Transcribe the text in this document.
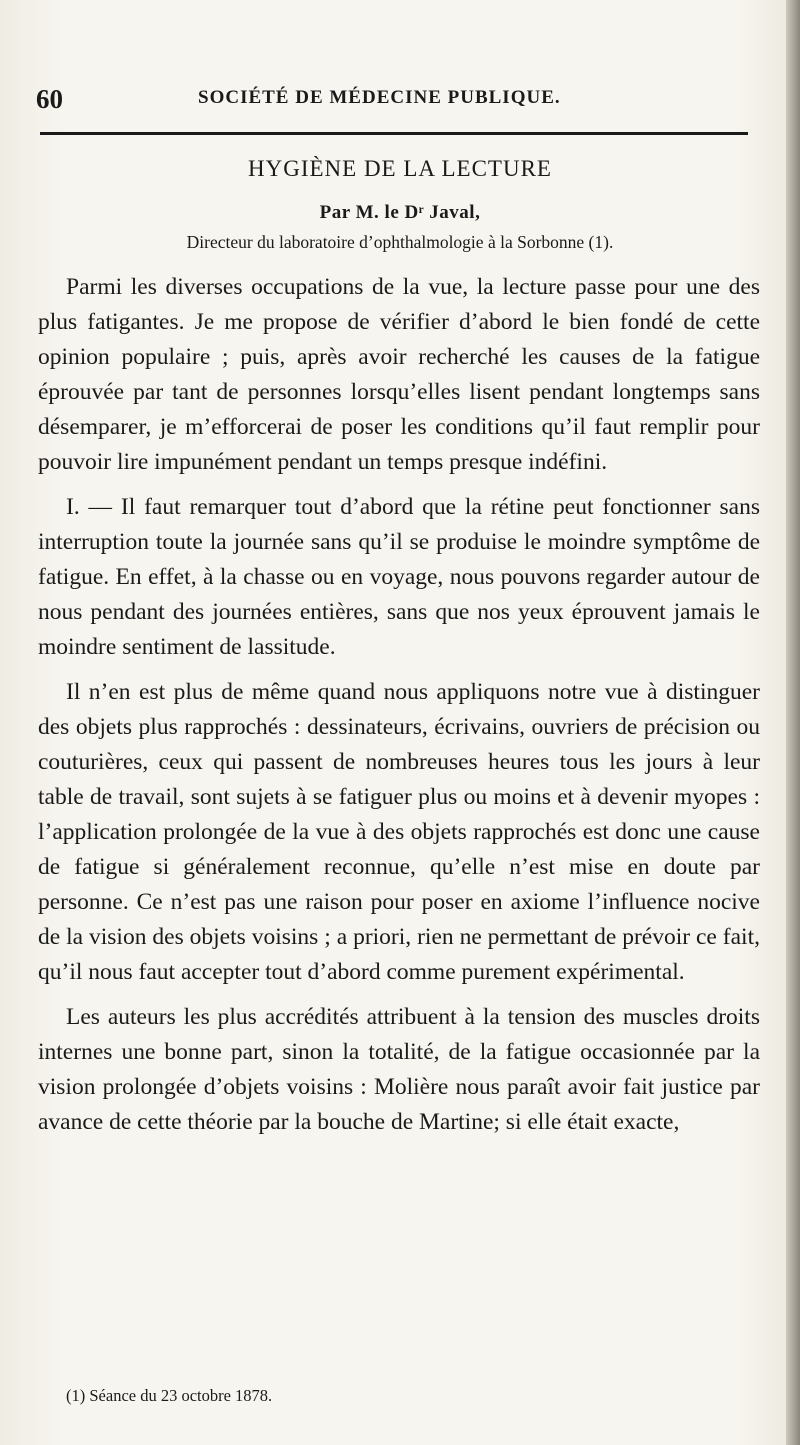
60	SOCIÉTÉ DE MÉDECINE PUBLIQUE.
HYGIÈNE DE LA LECTURE
Par M. le Dʳ Javal,
Directeur du laboratoire d’ophthalmologie à la Sorbonne (1).

Parmi les diverses occupations de la vue, la lecture passe pour une des plus fatigantes. Je me propose de vérifier d’abord le bien fondé de cette opinion populaire ; puis, après avoir recherché les causes de la fatigue éprouvée par tant de personnes lorsqu’elles lisent pendant longtemps sans désemparer, je m’efforcerai de poser les conditions qu’il faut remplir pour pouvoir lire impunément pendant un temps presque indéfini.

I. — Il faut remarquer tout d’abord que la rétine peut fonctionner sans interruption toute la journée sans qu’il se produise le moindre symptôme de fatigue. En effet, à la chasse ou en voyage, nous pouvons regarder autour de nous pendant des journées entières, sans que nos yeux éprouvent jamais le moindre sentiment de lassitude.

Il n’en est plus de même quand nous appliquons notre vue à distinguer des objets plus rapprochés : dessinateurs, écrivains, ouvriers de précision ou couturières, ceux qui passent de nombreuses heures tous les jours à leur table de travail, sont sujets à se fatiguer plus ou moins et à devenir myopes : l’application prolongée de la vue à des objets rapprochés est donc une cause de fatigue si généralement reconnue, qu’elle n’est mise en doute par personne. Ce n’est pas une raison pour poser en axiome l’influence nocive de la vision des objets voisins ; a priori, rien ne permettant de prévoir ce fait, qu’il nous faut accepter tout d’abord comme purement expérimental.

Les auteurs les plus accrédités attribuent à la tension des muscles droits internes une bonne part, sinon la totalité, de la fatigue occasionnée par la vision prolongée d’objets voisins : Molière nous paraît avoir fait justice par avance de cette théorie par la bouche de Martine; si elle était exacte,

(1) Séance du 23 octobre 1878.
